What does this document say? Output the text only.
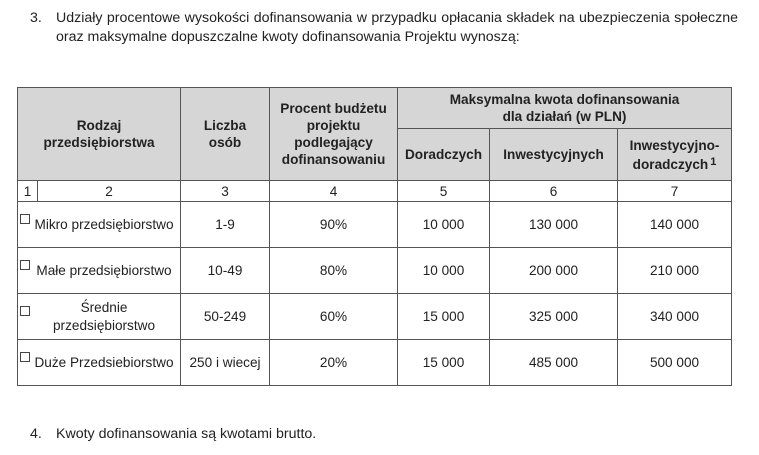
3. Udziały procentowe wysokości dofinansowania w przypadku opłacania składek na ubezpieczenia społeczne oraz maksymalne dopuszczalne kwoty dofinansowania Projektu wynoszą:
Rodzaj przedsiębiorstwa		Liczba osób	Procent budżetu projektu podlegający dofinansowaniu	Maksymalna kwota dofinansowania dla działań (w PLN)		
				Doradczych	Inwestycyjnych	Inwestycyjno-doradczych $^1$
1	2	3	4	5	6	7

Mikro przedsiębiorstwo		1-9	90%	10 000	130 000	140 000

Małe przedsiębiorstwo		10-49	80%	10 000	200 000	210 000

Średnie przedsiębiorstwo		50-249	60%	15 000	325 000	340 000

Duże Przedsiebiorstwo		250 i wiecej	20%	15 000	485 000	500 000
4. Kwoty dofinansowania są kwotami brutto.
